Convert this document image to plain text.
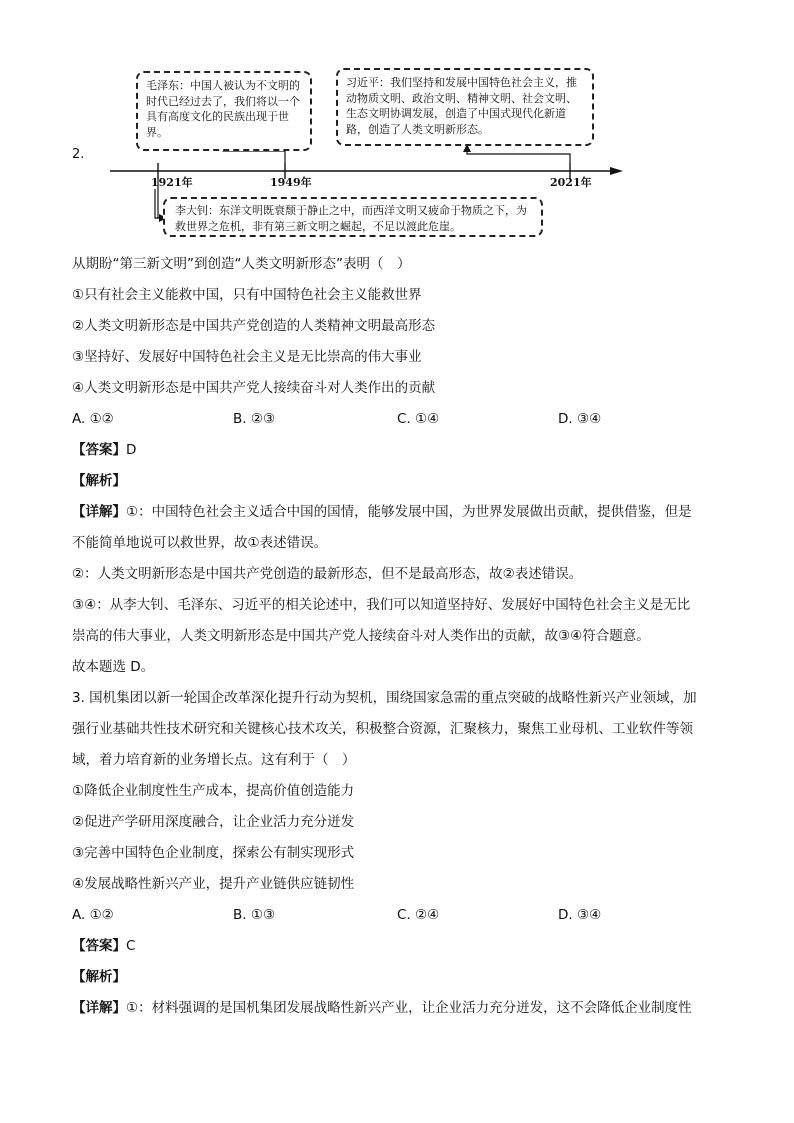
2.
毛泽东：中国人被认为不文明的时代已经过去了，我们将以一个具有高度文化的民族出现于世界。
习近平：我们坚持和发展中国特色社会主义，推动物质文明、政治文明、精神文明、社会文明、生态文明协调发展，创造了中国式现代化新道路，创造了人类文明新形态。
李大钊：东洋文明既衰颓于静止之中，而西洋文明又疲命于物质之下，为救世界之危机，非有第三新文明之崛起，不足以渡此危崖。
1921年	1949年	2021年
从期盼“第三新文明”到创造“人类文明新形态”表明（　）
①只有社会主义能救中国，只有中国特色社会主义能救世界
②人类文明新形态是中国共产党创造的人类精神文明最高形态
③坚持好、发展好中国特色社会主义是无比崇高的伟大事业
④人类文明新形态是中国共产党人接续奋斗对人类作出的贡献
A. ①②	B. ②③	C. ①④	D. ③④
【答案】D
【解析】
【详解】①：中国特色社会主义适合中国的国情，能够发展中国，为世界发展做出贡献，提供借鉴，但是
不能简单地说可以救世界，故①表述错误。
②：人类文明新形态是中国共产党创造的最新形态，但不是最高形态，故②表述错误。
③④：从李大钊、毛泽东、习近平的相关论述中，我们可以知道坚持好、发展好中国特色社会主义是无比
崇高的伟大事业，人类文明新形态是中国共产党人接续奋斗对人类作出的贡献，故③④符合题意。
故本题选 D。
3. 国机集团以新一轮国企改革深化提升行动为契机，围绕国家急需的重点突破的战略性新兴产业领域，加
强行业基础共性技术研究和关键核心技术攻关，积极整合资源，汇聚核力，聚焦工业母机、工业软件等领
域，着力培育新的业务增长点。这有利于（　）
①降低企业制度性生产成本，提高价值创造能力
②促进产学研用深度融合，让企业活力充分迸发
③完善中国特色企业制度，探索公有制实现形式
④发展战略性新兴产业，提升产业链供应链韧性
A. ①②	B. ①③	C. ②④	D. ③④
【答案】C
【解析】
【详解】①：材料强调的是国机集团发展战略性新兴产业，让企业活力充分迸发，这不会降低企业制度性
